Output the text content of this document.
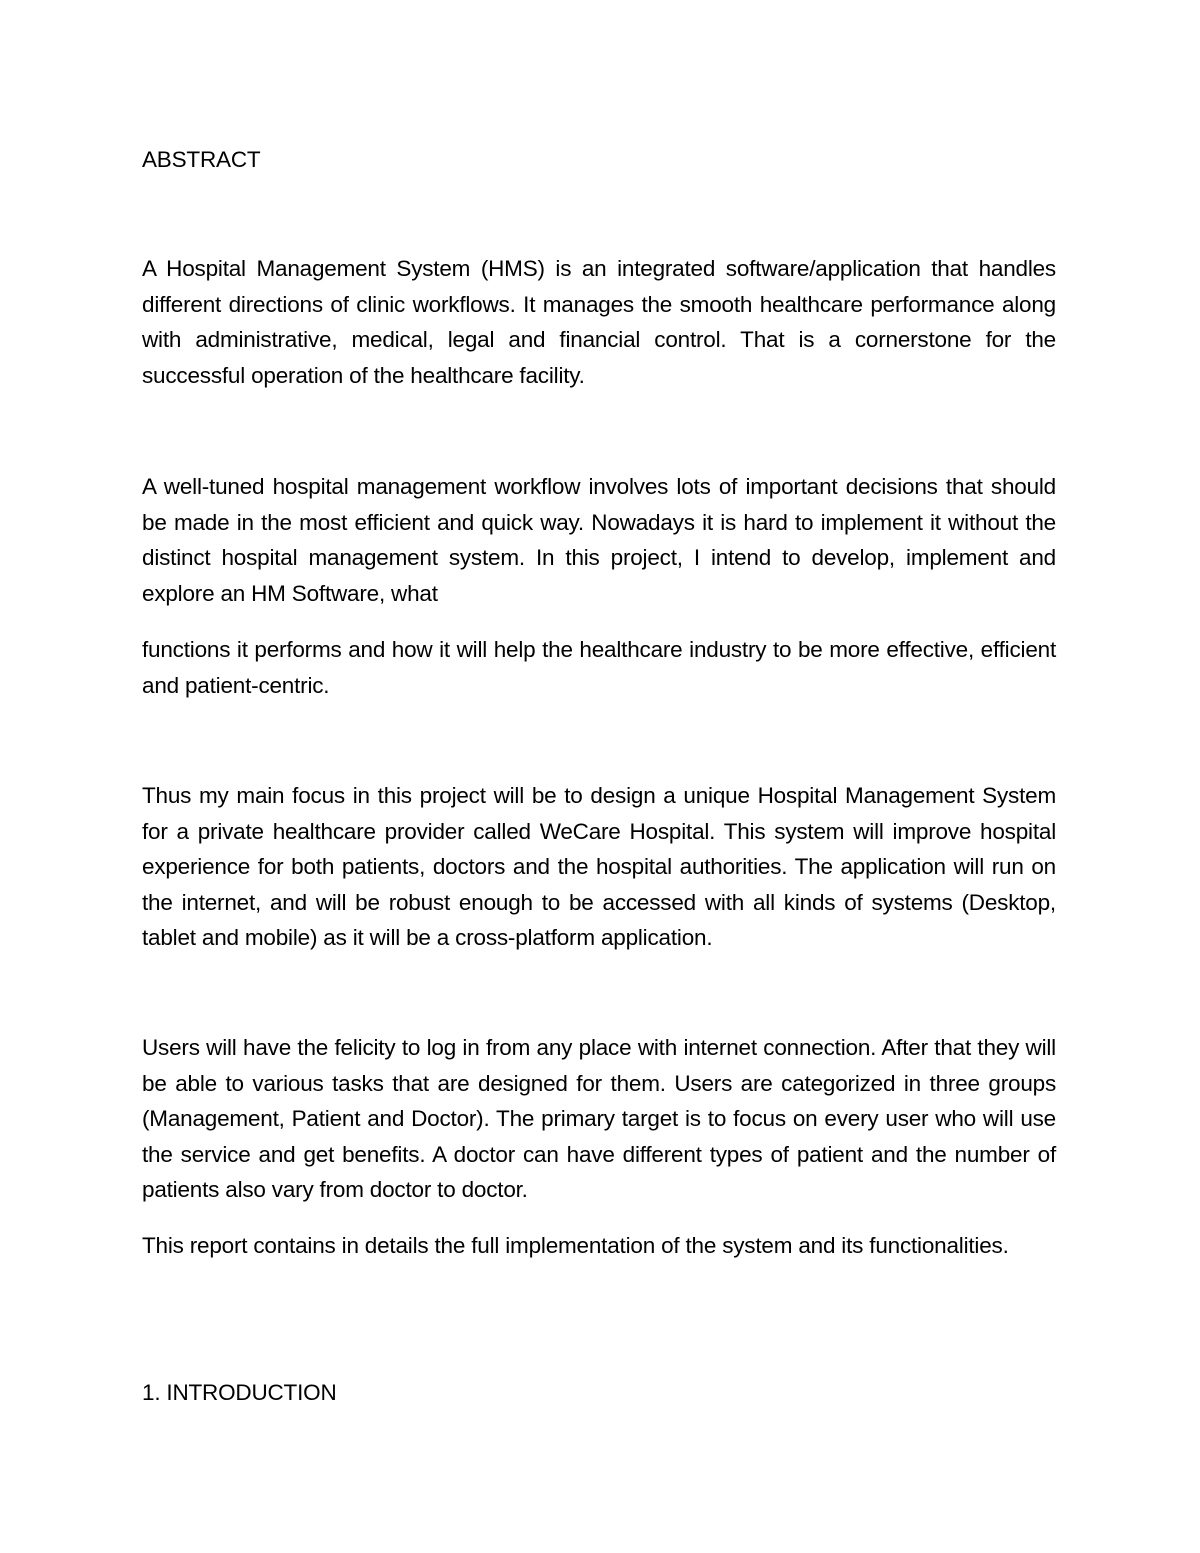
ABSTRACT

A Hospital Management System (HMS) is an integrated software/application that handles different directions of clinic workflows. It manages the smooth healthcare performance along with administrative, medical, legal and financial control. That is a cornerstone for the successful operation of the healthcare facility.

A well-tuned hospital management workflow involves lots of important decisions that should be made in the most efficient and quick way. Nowadays it is hard to implement it without the distinct hospital management system. In this project, I intend to develop, implement and explore an HM Software, what

functions it performs and how it will help the healthcare industry to be more effective, efficient and patient-centric.

Thus my main focus in this project will be to design a unique Hospital Management System for a private healthcare provider called WeCare Hospital. This system will improve hospital experience for both patients, doctors and the hospital authorities. The application will run on the internet, and will be robust enough to be accessed with all kinds of systems (Desktop, tablet and mobile) as it will be a cross-platform application.

Users will have the felicity to log in from any place with internet connection. After that they will be able to various tasks that are designed for them. Users are categorized in three groups (Management, Patient and Doctor). The primary target is to focus on every user who will use the service and get benefits. A doctor can have different types of patient and the number of patients also vary from doctor to doctor.

This report contains in details the full implementation of the system and its functionalities.

1. INTRODUCTION
